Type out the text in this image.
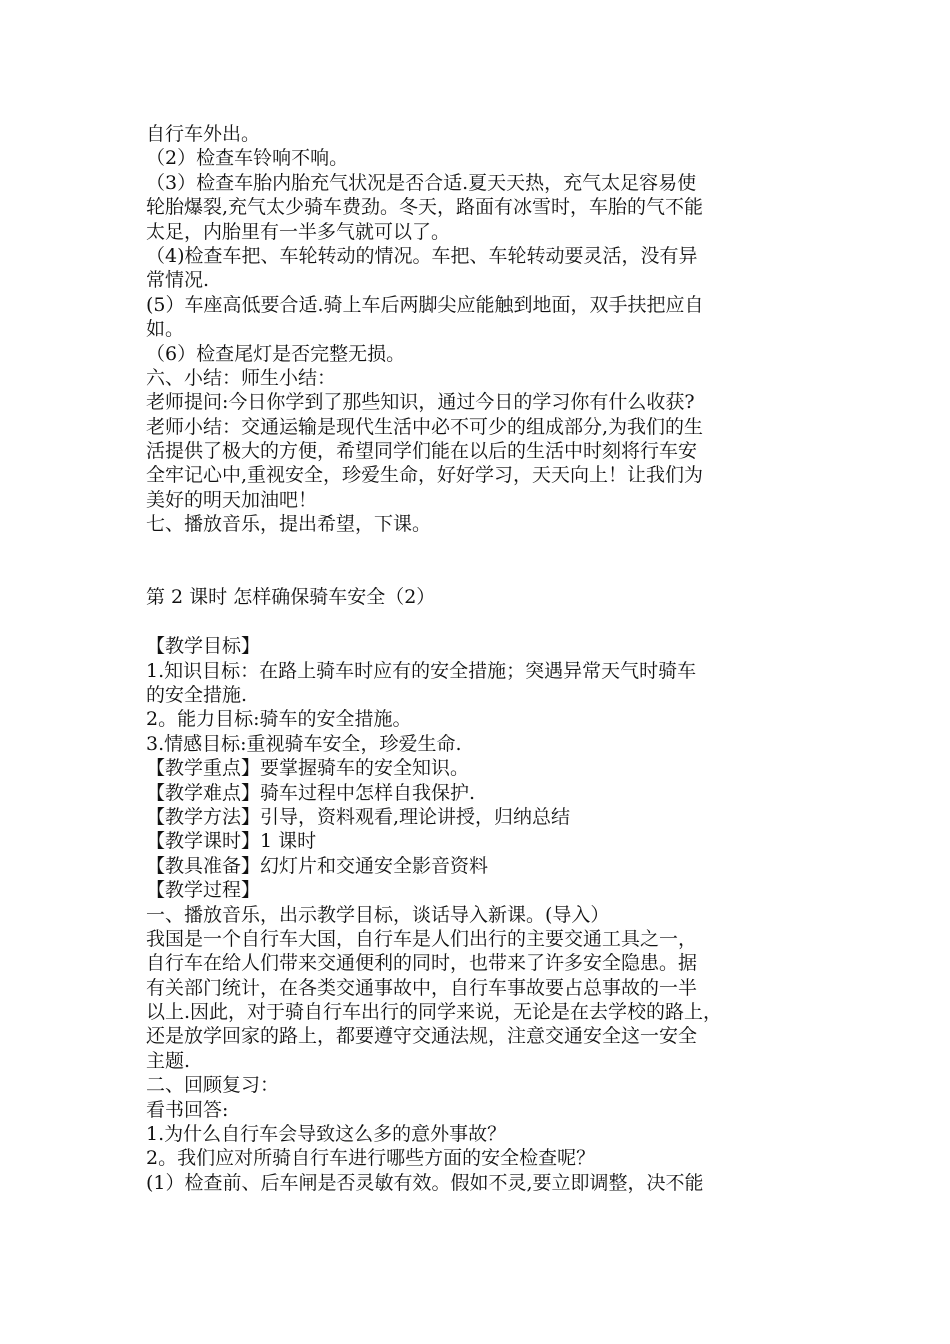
自行车外出。
（2）检查车铃响不响。
（3）检查车胎内胎充气状况是否合适.夏天天热，充气太足容易使
轮胎爆裂,充气太少骑车费劲。冬天，路面有冰雪时，车胎的气不能
太足，内胎里有一半多气就可以了。
（4)检查车把、车轮转动的情况。车把、车轮转动要灵活，没有异
常情况.
(5）车座高低要合适.骑上车后两脚尖应能触到地面，双手扶把应自
如。
（6）检查尾灯是否完整无损。
六、小结：师生小结：
老师提问:今日你学到了那些知识，通过今日的学习你有什么收获?
老师小结：交通运输是现代生活中必不可少的组成部分,为我们的生
活提供了极大的方便，希望同学们能在以后的生活中时刻将行车安
全牢记心中,重视安全，珍爱生命，好好学习，天天向上！让我们为
美好的明天加油吧！
七、播放音乐，提出希望，下课。
第 2 课时 怎样确保骑车安全（2）
【教学目标】
1.知识目标：在路上骑车时应有的安全措施；突遇异常天气时骑车
的安全措施.
2。能力目标:骑车的安全措施。
3.情感目标:重视骑车安全，珍爱生命.
【教学重点】要掌握骑车的安全知识。
【教学难点】骑车过程中怎样自我保护.
【教学方法】引导，资料观看,理论讲授，归纳总结
【教学课时】1 课时
【教具准备】幻灯片和交通安全影音资料
【教学过程】
一、播放音乐，出示教学目标，谈话导入新课。(导入）
我国是一个自行车大国，自行车是人们出行的主要交通工具之一，
自行车在给人们带来交通便利的同时，也带来了许多安全隐患。据
有关部门统计，在各类交通事故中，自行车事故要占总事故的一半
以上.因此，对于骑自行车出行的同学来说，无论是在去学校的路上，
还是放学回家的路上，都要遵守交通法规，注意交通安全这一安全
主题.
二、回顾复习：
看书回答:
1.为什么自行车会导致这么多的意外事故？
2。我们应对所骑自行车进行哪些方面的安全检查呢？
(1）检查前、后车闸是否灵敏有效。假如不灵,要立即调整，决不能
